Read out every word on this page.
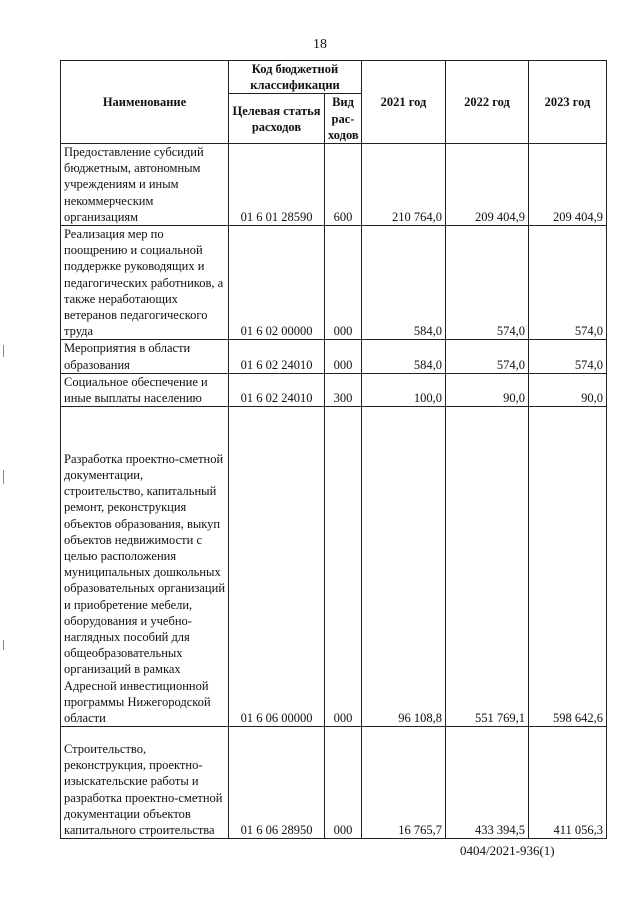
18
Наименование	Код бюджетной классификации		2021 год	2022 год	2023 год
	Целевая статья расходов	Вид рас-ходов			
Предоставление субсидий бюджетным, автономным учреждениям и иным некоммерческим организациям	01 6 01 28590	600	210 764,0	209 404,9	209 404,9
Реализация мер по поощрению и социальной поддержке руководящих и педагогических работников, а также неработающих ветеранов педагогического труда	01 6 02 00000	000	584,0	574,0	574,0
Мероприятия в области образования	01 6 02 24010	000	584,0	574,0	574,0
Социальное обеспечение и иные выплаты населению	01 6 02 24010	300	100,0	90,0	90,0
Разработка проектно-сметной документации, строительство, капитальный ремонт, реконструкция объектов образования, выкуп объектов недвижимости с целью расположения муниципальных дошкольных образовательных организаций и приобретение мебели, оборудования и учебно-наглядных пособий для общеобразовательных организаций в рамках Адресной инвестиционной программы Нижегородской области	01 6 06 00000	000	96 108,8	551 769,1	598 642,6
Строительство, реконструкция, проектно-изыскательские работы и разработка проектно-сметной документации объектов капитального строительства	01 6 06 28950	000	16 765,7	433 394,5	411 056,3
0404/2021-936(1)
